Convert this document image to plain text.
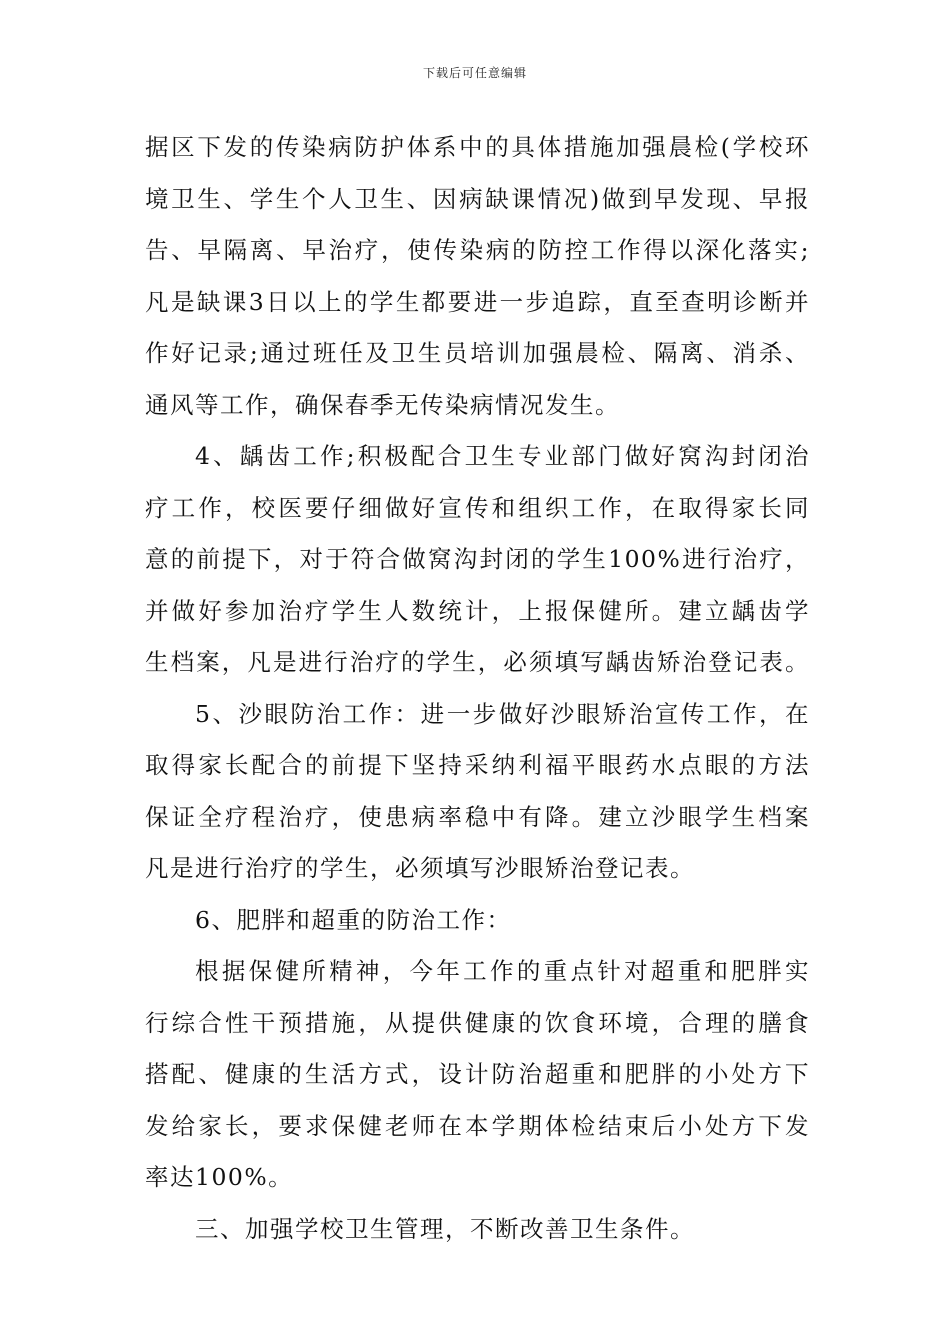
下载后可任意编辑
据区下发的传染病防护体系中的具体措施加强晨检(学校环
境卫生、学生个人卫生、因病缺课情况)做到早发现、早报
告、早隔离、早治疗，使传染病的防控工作得以深化落实;
凡是缺课3日以上的学生都要进一步追踪，直至查明诊断并
作好记录;通过班任及卫生员培训加强晨检、隔离、消杀、
通风等工作，确保春季无传染病情况发生。
4、龋齿工作;积极配合卫生专业部门做好窝沟封闭治
疗工作，校医要仔细做好宣传和组织工作，在取得家长同
意的前提下，对于符合做窝沟封闭的学生100%进行治疗，
并做好参加治疗学生人数统计，上报保健所。建立龋齿学
生档案，凡是进行治疗的学生，必须填写龋齿矫治登记表。
5、沙眼防治工作：进一步做好沙眼矫治宣传工作，在
取得家长配合的前提下坚持采纳利福平眼药水点眼的方法
保证全疗程治疗，使患病率稳中有降。建立沙眼学生档案
凡是进行治疗的学生，必须填写沙眼矫治登记表。
6、肥胖和超重的防治工作：
根据保健所精神，今年工作的重点针对超重和肥胖实
行综合性干预措施，从提供健康的饮食环境，合理的膳食
搭配、健康的生活方式，设计防治超重和肥胖的小处方下
发给家长，要求保健老师在本学期体检结束后小处方下发
率达100%。
三、加强学校卫生管理，不断改善卫生条件。
